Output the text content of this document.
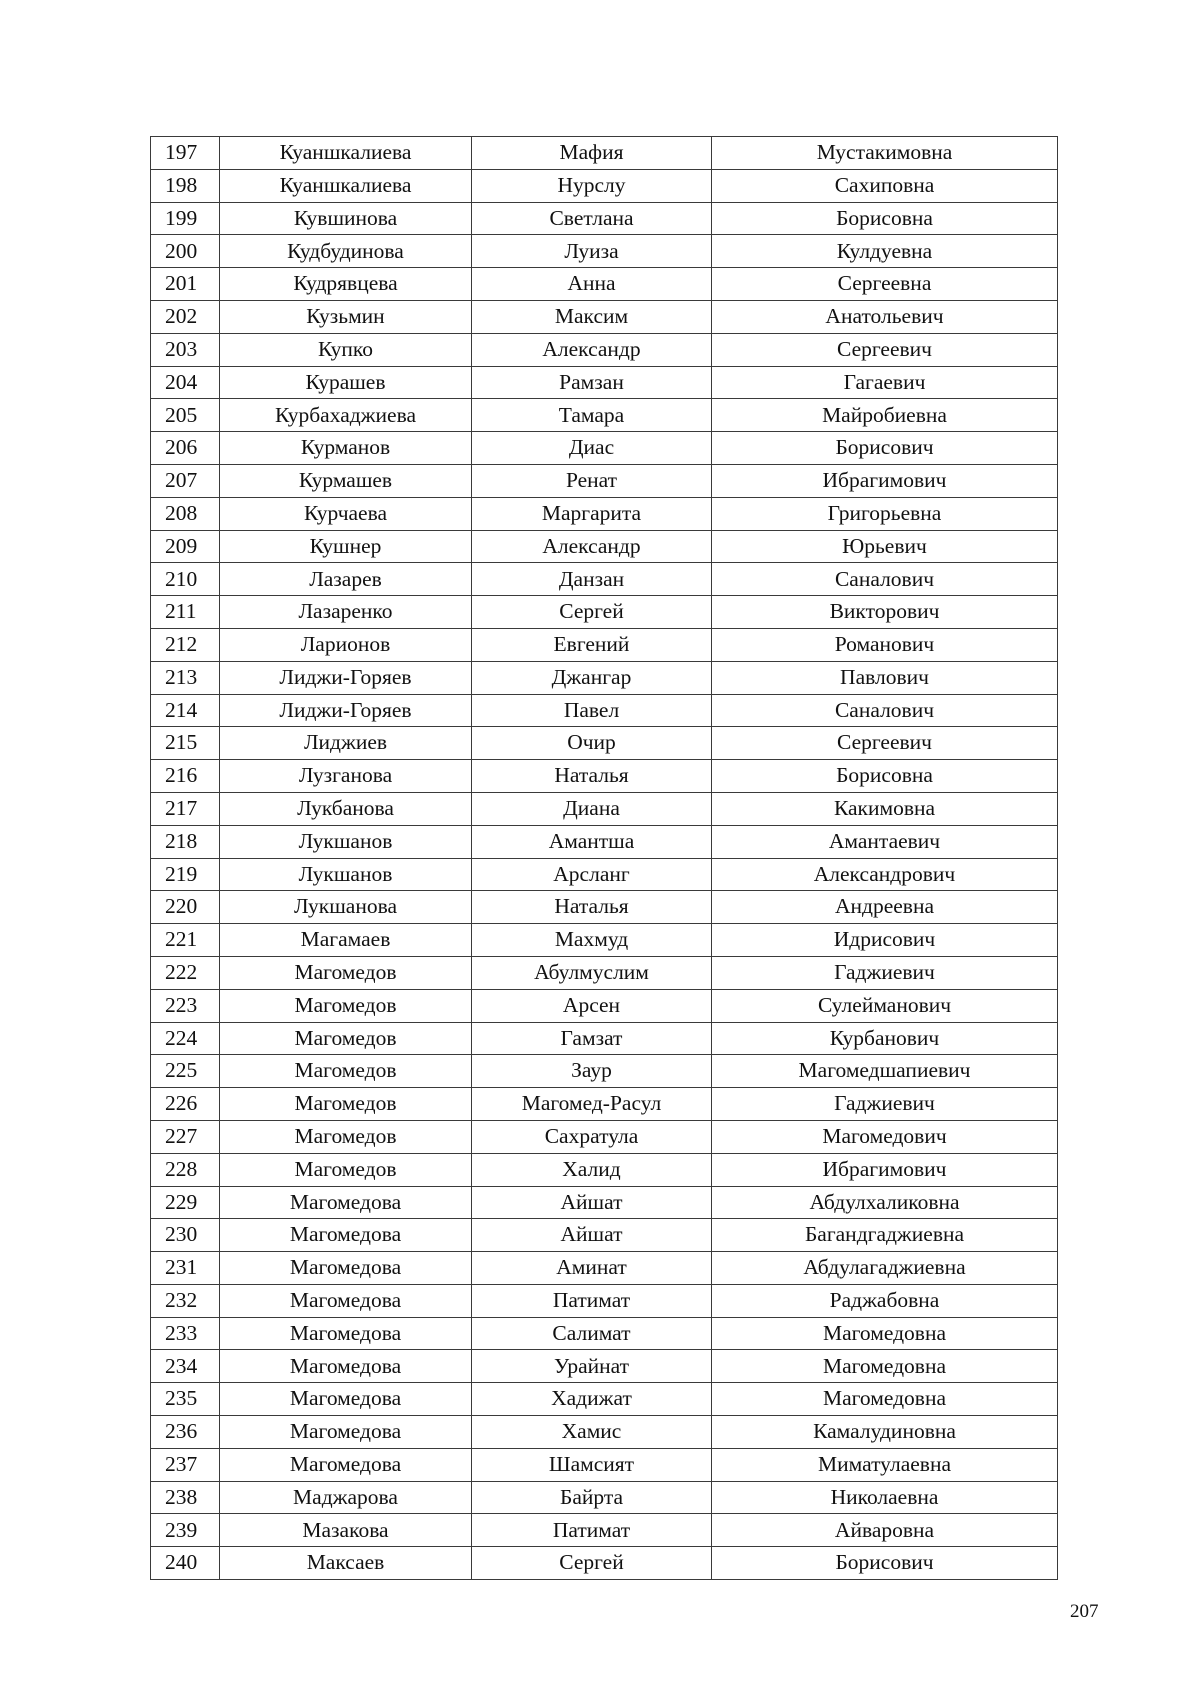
197	Куаншкалиева	Мафия	Мустакимовна
198	Куаншкалиева	Нурслу	Сахиповна
199	Кувшинова	Светлана	Борисовна
200	Кудбудинова	Луиза	Кулдуевна
201	Кудрявцева	Анна	Сергеевна
202	Кузьмин	Максим	Анатольевич
203	Купко	Александр	Сергеевич
204	Курашев	Рамзан	Гагаевич
205	Курбахаджиева	Тамара	Майробиевна
206	Курманов	Диас	Борисович
207	Курмашев	Ренат	Ибрагимович
208	Курчаева	Маргарита	Григорьевна
209	Кушнер	Александр	Юрьевич
210	Лазарев	Данзан	Саналович
211	Лазаренко	Сергей	Викторович
212	Ларионов	Евгений	Романович
213	Лиджи-Горяев	Джангар	Павлович
214	Лиджи-Горяев	Павел	Саналович
215	Лиджиев	Очир	Сергеевич
216	Лузганова	Наталья	Борисовна
217	Лукбанова	Диана	Какимовна
218	Лукшанов	Амантша	Амантаевич
219	Лукшанов	Арсланг	Александрович
220	Лукшанова	Наталья	Андреевна
221	Магамаев	Махмуд	Идрисович
222	Магомедов	Абулмуслим	Гаджиевич
223	Магомедов	Арсен	Сулейманович
224	Магомедов	Гамзат	Курбанович
225	Магомедов	Заур	Магомедшапиевич
226	Магомедов	Магомед-Расул	Гаджиевич
227	Магомедов	Сахратула	Магомедович
228	Магомедов	Халид	Ибрагимович
229	Магомедова	Айшат	Абдулхаликовна
230	Магомедова	Айшат	Багандгаджиевна
231	Магомедова	Аминат	Абдулагаджиевна
232	Магомедова	Патимат	Раджабовна
233	Магомедова	Салимат	Магомедовна
234	Магомедова	Урайнат	Магомедовна
235	Магомедова	Хадижат	Магомедовна
236	Магомедова	Хамис	Камалудиновна
237	Магомедова	Шамсият	Миматулаевна
238	Маджарова	Байрта	Николаевна
239	Мазакова	Патимат	Айваровна
240	Максаев	Сергей	Борисович
207
